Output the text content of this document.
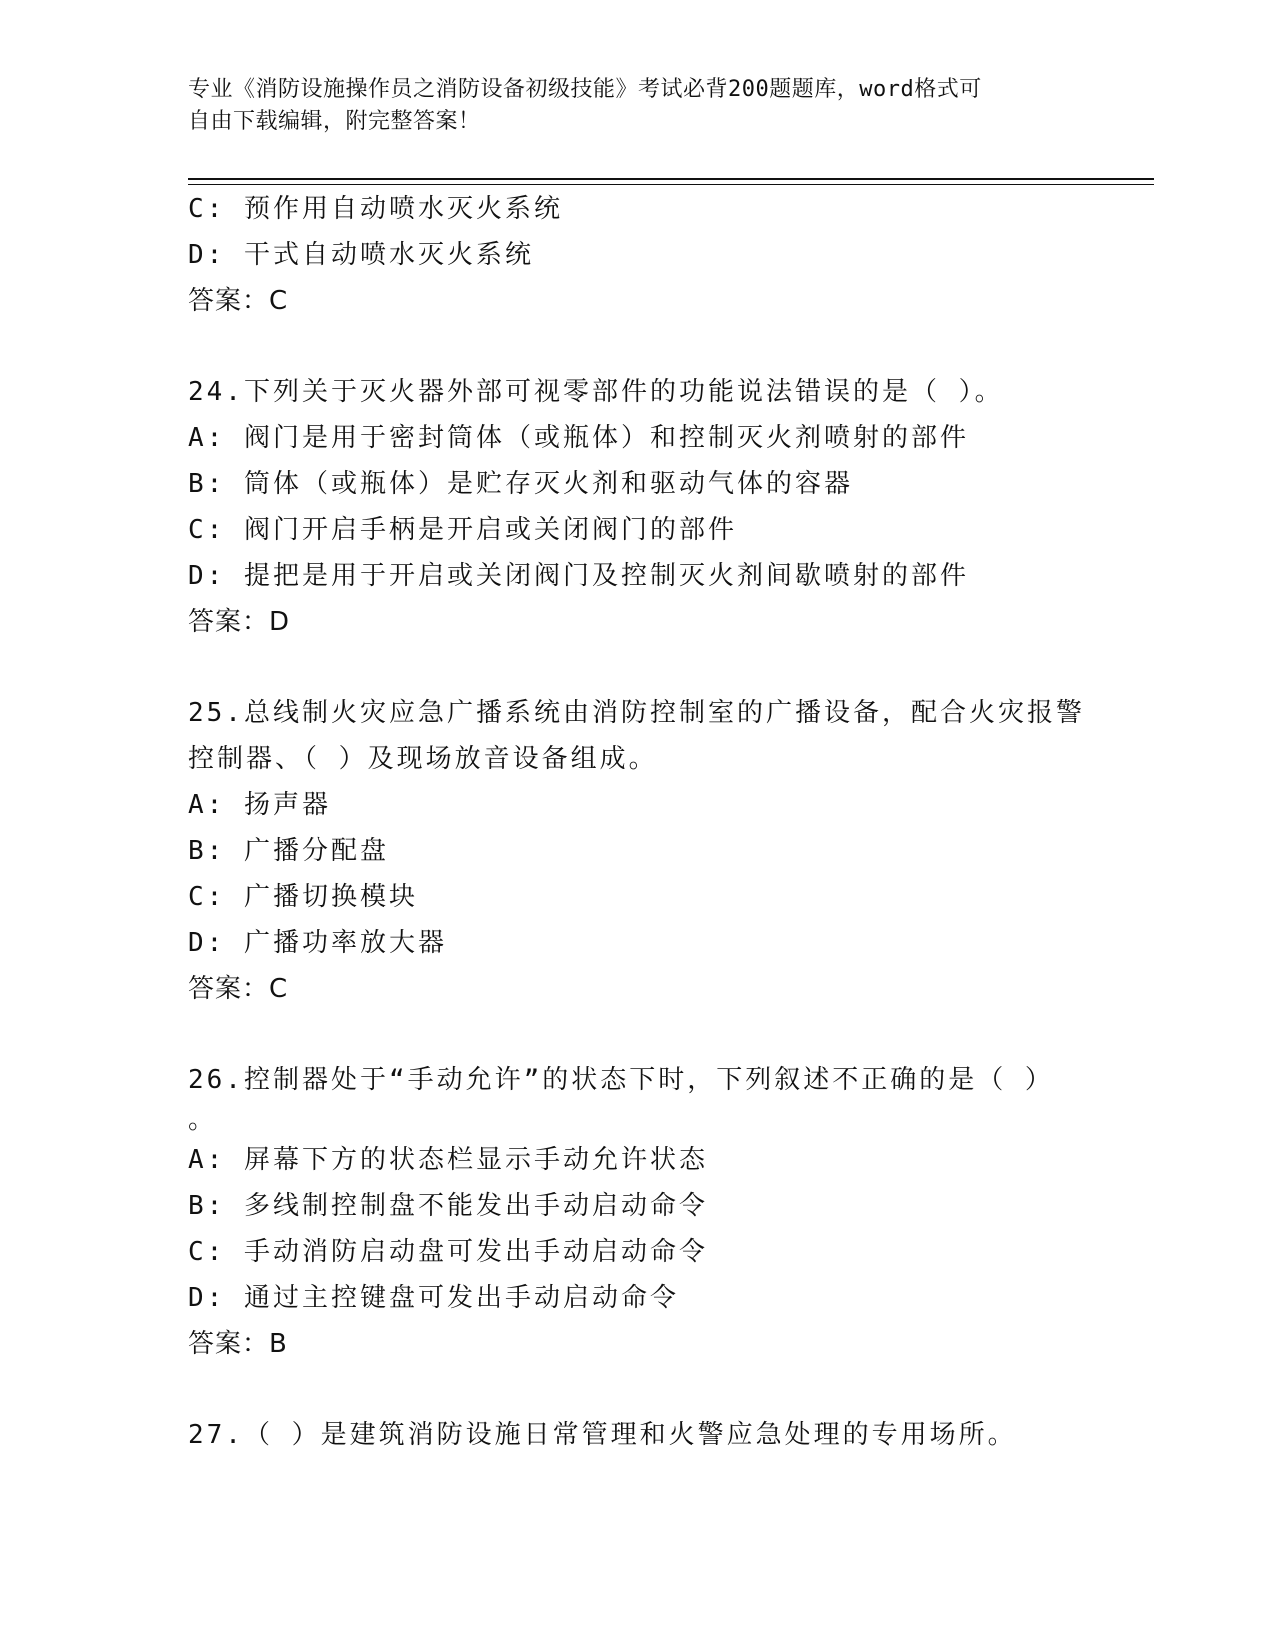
专业《消防设施操作员之消防设备初级技能》考试必背200题题库，word格式可
自由下载编辑，附完整答案！
C: 预作用自动喷水灭火系统
D: 干式自动喷水灭火系统
答案：C
24.下列关于灭火器外部可视零部件的功能说法错误的是（ ）。
A: 阀门是用于密封筒体（或瓶体）和控制灭火剂喷射的部件
B: 筒体（或瓶体）是贮存灭火剂和驱动气体的容器
C: 阀门开启手柄是开启或关闭阀门的部件
D: 提把是用于开启或关闭阀门及控制灭火剂间歇喷射的部件
答案：D
25.总线制火灾应急广播系统由消防控制室的广播设备，配合火灾报警
控制器、（ ）及现场放音设备组成。
A: 扬声器
B: 广播分配盘
C: 广播切换模块
D: 广播功率放大器
答案：C
26.控制器处于“手动允许”的状态下时，下列叙述不正确的是（ ）
。
A: 屏幕下方的状态栏显示手动允许状态
B: 多线制控制盘不能发出手动启动命令
C: 手动消防启动盘可发出手动启动命令
D: 通过主控键盘可发出手动启动命令
答案：B
27.（ ）是建筑消防设施日常管理和火警应急处理的专用场所。
